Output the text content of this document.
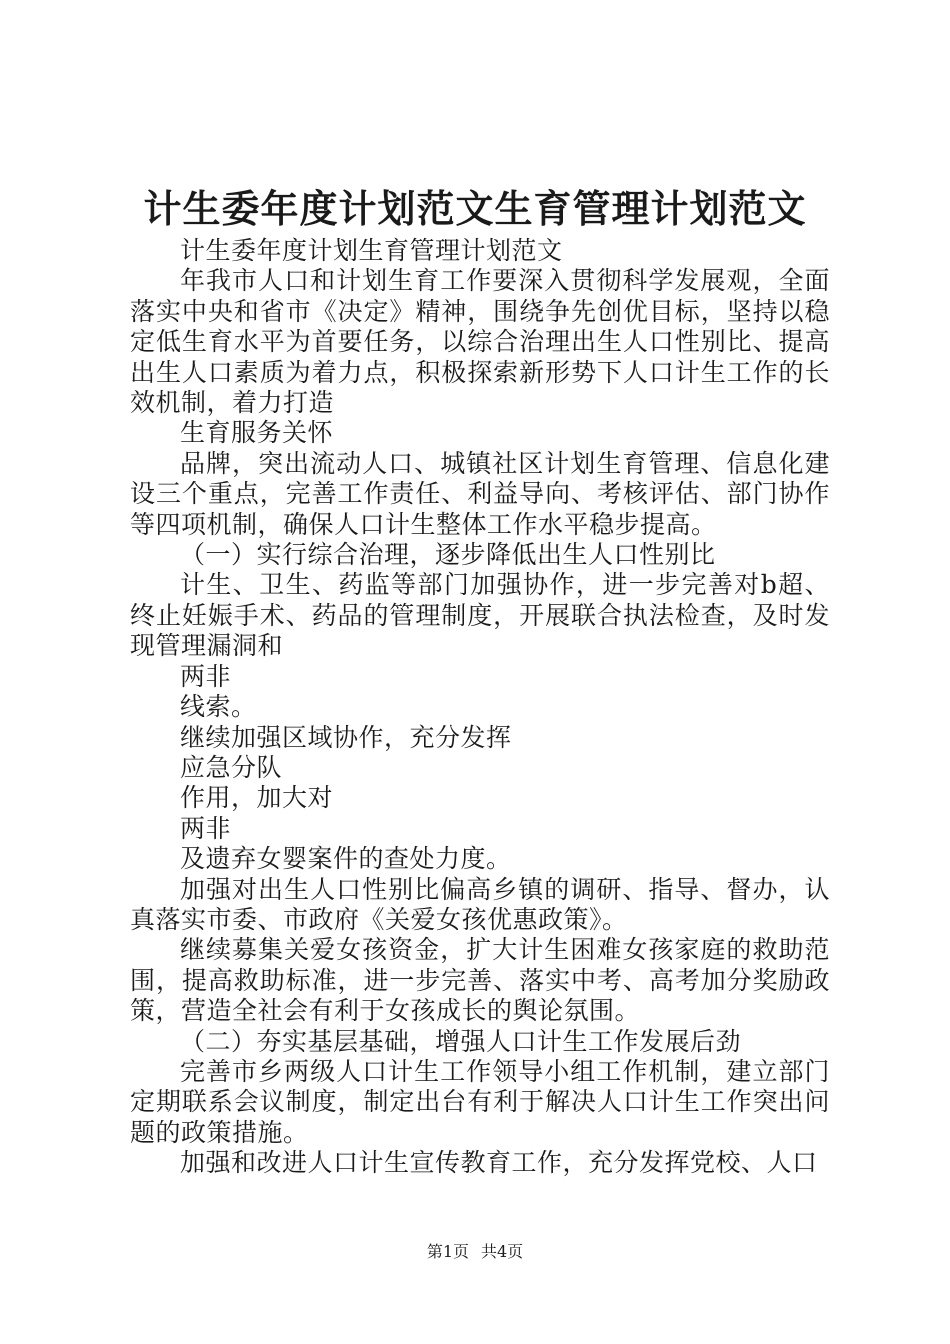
计生委年度计划范文生育管理计划范文

计生委年度计划生育管理计划范文

年我市人口和计划生育工作要深入贯彻科学发展观，全面落实中央和省市《决定》精神，围绕争先创优目标，坚持以稳定低生育水平为首要任务，以综合治理出生人口性别比、提高出生人口素质为着力点，积极探索新形势下人口计生工作的长效机制，着力打造

生育服务关怀

品牌，突出流动人口、城镇社区计划生育管理、信息化建设三个重点，完善工作责任、利益导向、考核评估、部门协作等四项机制，确保人口计生整体工作水平稳步提高。

（一）实行综合治理，逐步降低出生人口性别比

计生、卫生、药监等部门加强协作，进一步完善对b超、终止妊娠手术、药品的管理制度，开展联合执法检查，及时发现管理漏洞和

两非

线索。

继续加强区域协作，充分发挥

应急分队

作用，加大对

两非

及遗弃女婴案件的查处力度。

加强对出生人口性别比偏高乡镇的调研、指导、督办，认真落实市委、市政府《关爱女孩优惠政策》。

继续募集关爱女孩资金，扩大计生困难女孩家庭的救助范围，提高救助标准，进一步完善、落实中考、高考加分奖励政策，营造全社会有利于女孩成长的舆论氛围。

（二）夯实基层基础，增强人口计生工作发展后劲

完善市乡两级人口计生工作领导小组工作机制，建立部门定期联系会议制度，制定出台有利于解决人口计生工作突出问题的政策措施。

加强和改进人口计生宣传教育工作，充分发挥党校、人口

第1页 共4页
